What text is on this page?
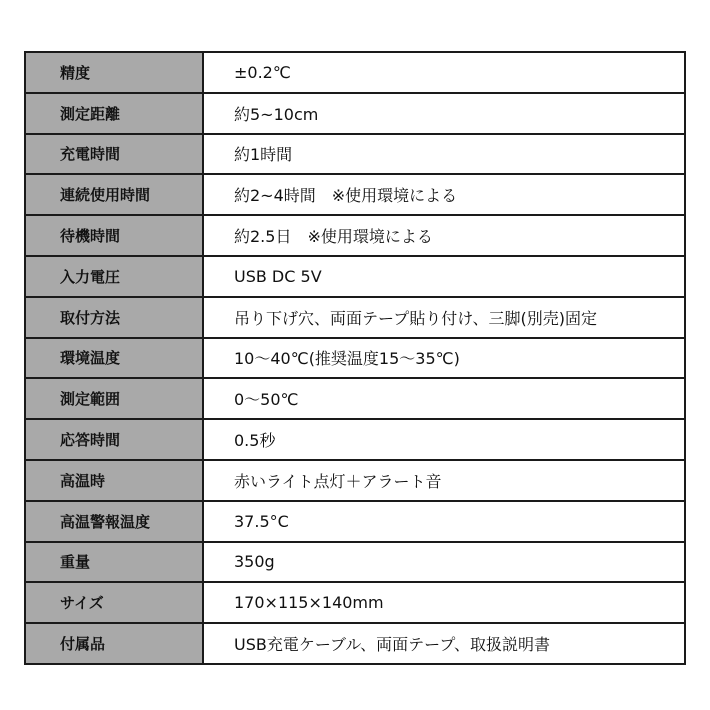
精度	±0.2℃
測定距離	約5~10cm
充電時間	約1時間
連続使用時間	約2~4時間　※使用環境による
待機時間	約2.5日　※使用環境による
入力電圧	USB DC 5V
取付方法	吊り下げ穴、両面テープ貼り付け、三脚(別売)固定
環境温度	10～40℃(推奨温度15～35℃)
測定範囲	0～50℃
応答時間	0.5秒
高温時	赤いライト点灯＋アラート音
高温警報温度	37.5°C
重量	350g
サイズ	170×115×140mm
付属品	USB充電ケーブル、両面テープ、取扱説明書
